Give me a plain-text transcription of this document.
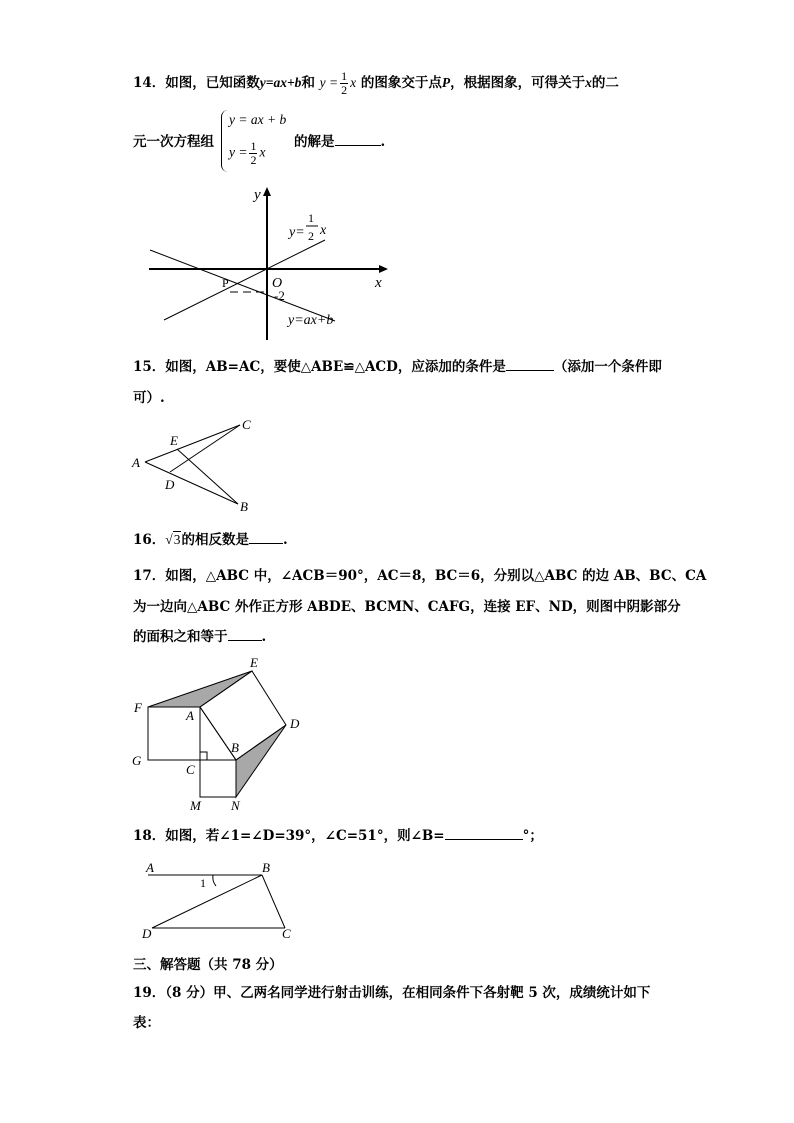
14．如图，已知函数y=ax+b和 $y = \frac{1}{2}$ x 的图象交于点P，根据图象，可得关于x的二
元一次方程组
y = ax + b
$y = \frac{1}{2}$ x
的解是	.
y
x
y=
1
2 x
P	O
-2
y=ax+b
15．如图，AB=AC，要使△ABE≌△ACD，应添加的条件是	（添加一个条件即
可）.
A
E
C
D
B
16．√3的相反数是	.
17．如图，△ABC 中，∠ACB＝90°，AC＝8，BC＝6，分别以△ABC 的边 AB、BC、CA
为一边向△ABC 外作正方形 ABDE、BCMN、CAFG，连接 EF、ND，则图中阴影部分
的面积之和等于	.
E
F
A
D
B
G
C
M N
18．如图，若∠1=∠D=39°，∠C=51°，则∠B=	°；
A	B
1
D	C
三、解答题（共 78 分）
19．（8 分）甲、乙两名同学进行射击训练，在相同条件下各射靶 5 次，成绩统计如下
表：
